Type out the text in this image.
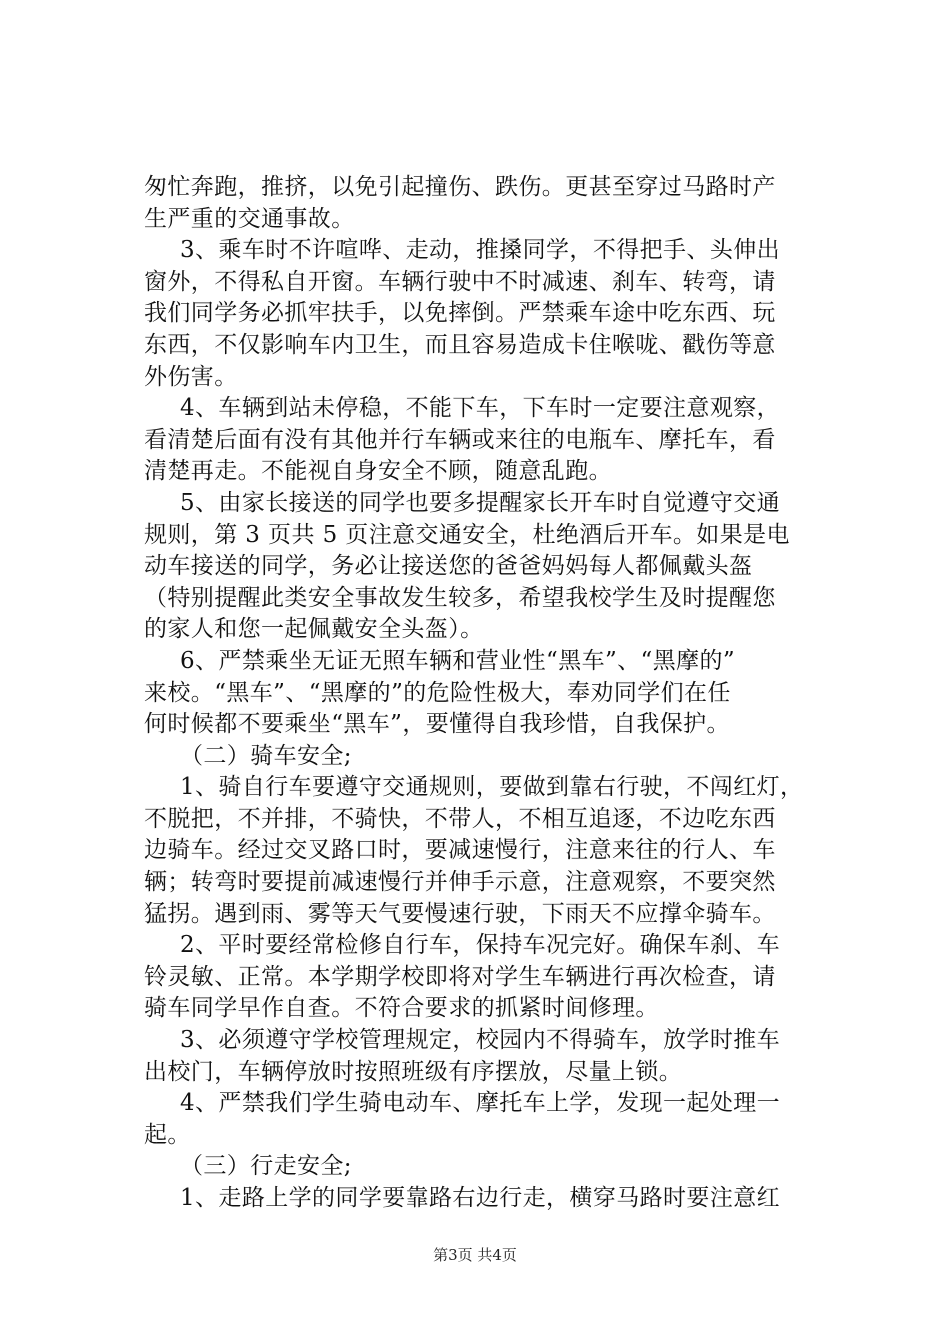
匆忙奔跑，推挤，以免引起撞伤、跌伤。更甚至穿过马路时产
生严重的交通事故。
3、乘车时不许喧哗、走动，推搡同学，不得把手、头伸出
窗外，不得私自开窗。车辆行驶中不时减速、刹车、转弯，请
我们同学务必抓牢扶手，以免摔倒。严禁乘车途中吃东西、玩
东西，不仅影响车内卫生，而且容易造成卡住喉咙、戳伤等意
外伤害。
4、车辆到站未停稳，不能下车，下车时一定要注意观察，
看清楚后面有没有其他并行车辆或来往的电瓶车、摩托车，看
清楚再走。不能视自身安全不顾，随意乱跑。
5、由家长接送的同学也要多提醒家长开车时自觉遵守交通
规则，第 3 页共 5 页注意交通安全，杜绝酒后开车。如果是电
动车接送的同学，务必让接送您的爸爸妈妈每人都佩戴头盔
（特别提醒此类安全事故发生较多，希望我校学生及时提醒您
的家人和您一起佩戴安全头盔）。
6、严禁乘坐无证无照车辆和营业性“黑车”、“黑摩的”
来校。“黑车”、“黑摩的”的危险性极大，奉劝同学们在任
何时候都不要乘坐“黑车”，要懂得自我珍惜，自我保护。
（二）骑车安全;
1、骑自行车要遵守交通规则，要做到靠右行驶，不闯红灯，
不脱把，不并排，不骑快，不带人，不相互追逐，不边吃东西
边骑车。经过交叉路口时，要减速慢行，注意来往的行人、车
辆；转弯时要提前减速慢行并伸手示意，注意观察，不要突然
猛拐。遇到雨、雾等天气要慢速行驶，下雨天不应撑伞骑车。
2、平时要经常检修自行车，保持车况完好。确保车刹、车
铃灵敏、正常。本学期学校即将对学生车辆进行再次检查，请
骑车同学早作自查。不符合要求的抓紧时间修理。
3、必须遵守学校管理规定，校园内不得骑车，放学时推车
出校门，车辆停放时按照班级有序摆放，尽量上锁。
4、严禁我们学生骑电动车、摩托车上学，发现一起处理一
起。
（三）行走安全;
1、走路上学的同学要靠路右边行走，横穿马路时要注意红
第3页 共4页
